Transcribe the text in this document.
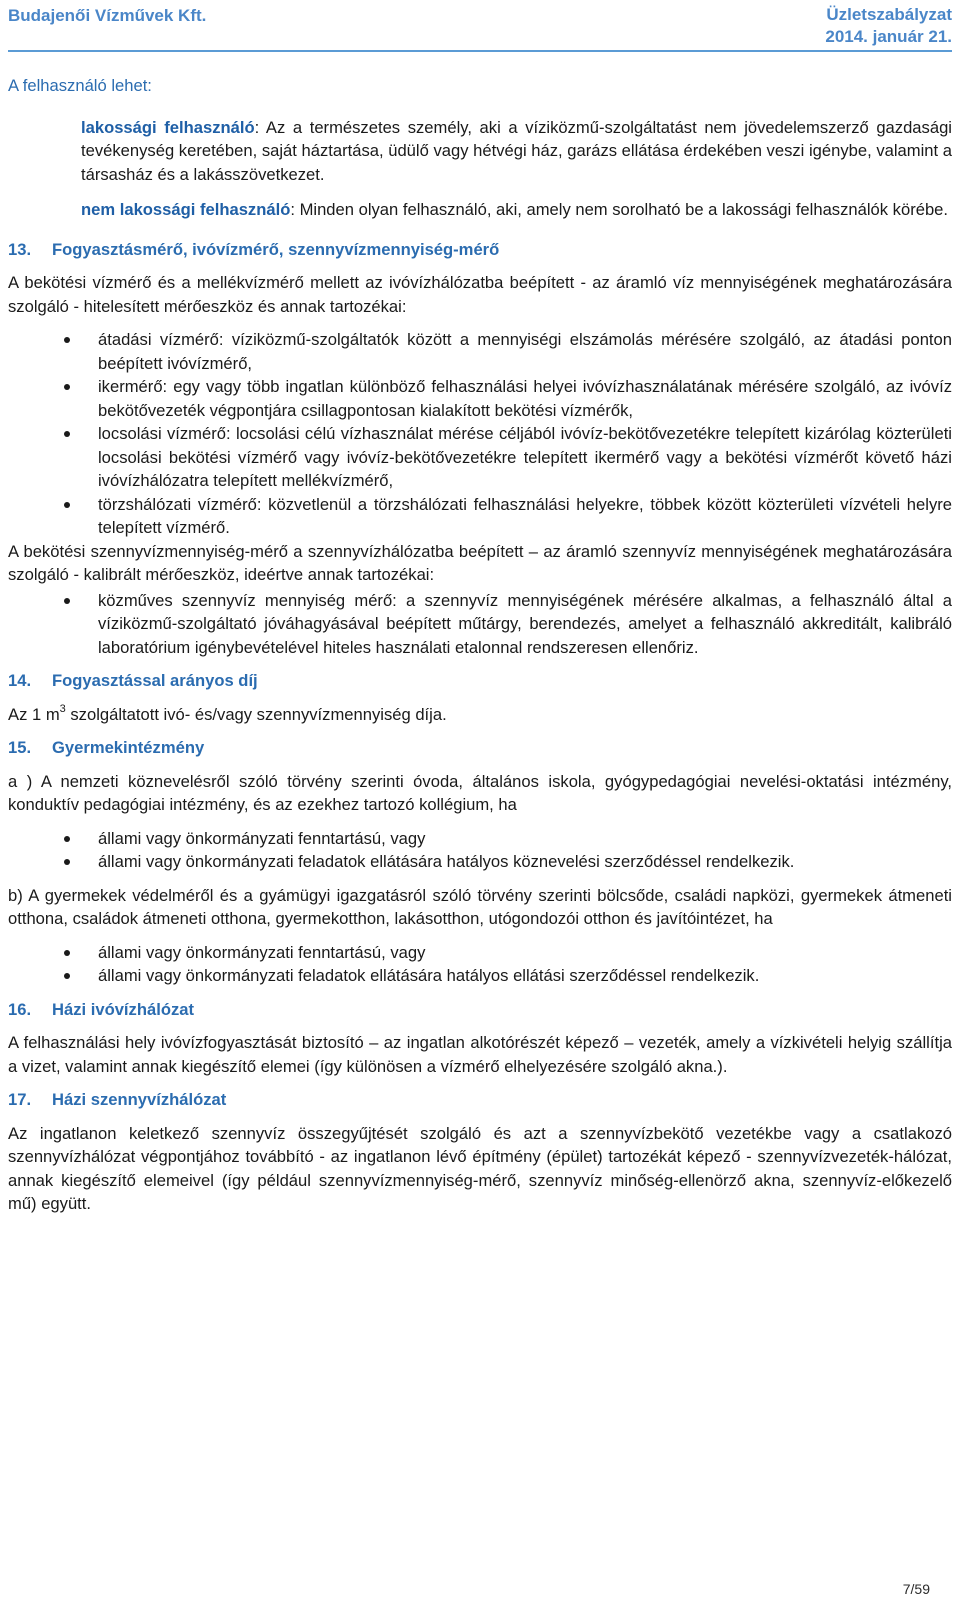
Budajenői Vízművek Kft.	Üzletszabályzat
2014. január 21.

A felhasználó lehet:

lakossági felhasználó: Az a természetes személy, aki a víziközmű-szolgáltatást nem jövedelemszerző gazdasági tevékenység keretében, saját háztartása, üdülő vagy hétvégi ház, garázs ellátása érdekében veszi igénybe, valamint a társasház és a lakásszövetkezet.

nem lakossági felhasználó: Minden olyan felhasználó, aki, amely nem sorolható be a lakossági felhasználók körébe.

13. Fogyasztásmérő, ivóvízmérő, szennyvízmennyiség-mérő

A bekötési vízmérő és a mellékvízmérő mellett az ivóvízhálózatba beépített - az áramló víz mennyiségének meghatározására szolgáló - hitelesített mérőeszköz és annak tartozékai:

átadási vízmérő: víziközmű-szolgáltatók között a mennyiségi elszámolás mérésére szolgáló, az átadási ponton beépített ivóvízmérő,
ikermérő: egy vagy több ingatlan különböző felhasználási helyei ivóvízhasználatának mérésére szolgáló, az ivóvíz bekötővezeték végpontjára csillagpontosan kialakított bekötési vízmérők,
locsolási vízmérő: locsolási célú vízhasználat mérése céljából ivóvíz-bekötővezetékre telepített kizárólag közterületi locsolási bekötési vízmérő vagy ivóvíz-bekötővezetékre telepített ikermérő vagy a bekötési vízmérőt követő házi ivóvízhálózatra telepített mellékvízmérő,
törzshálózati vízmérő: közvetlenül a törzshálózati felhasználási helyekre, többek között közterületi vízvételi helyre telepített vízmérő.

A bekötési szennyvízmennyiség-mérő a szennyvízhálózatba beépített – az áramló szennyvíz mennyiségének meghatározására szolgáló - kalibrált mérőeszköz, ideértve annak tartozékai:

közműves szennyvíz mennyiség mérő: a szennyvíz mennyiségének mérésére alkalmas, a felhasználó által a víziközmű-szolgáltató jóváhagyásával beépített műtárgy, berendezés, amelyet a felhasználó akkreditált, kalibráló laboratórium igénybevételével hiteles használati etalonnal rendszeresen ellenőriz.
14. Fogyasztással arányos díj

Az 1 $m^3$ szolgáltatott ivó- és/vagy szennyvízmennyiség díja.

15. Gyermekintézmény

a ) A nemzeti köznevelésről szóló törvény szerinti óvoda, általános iskola, gyógypedagógiai nevelési-oktatási intézmény, konduktív pedagógiai intézmény, és az ezekhez tartozó kollégium, ha

állami vagy önkormányzati fenntartású, vagy
állami vagy önkormányzati feladatok ellátására hatályos köznevelési szerződéssel rendelkezik.

b) A gyermekek védelméről és a gyámügyi igazgatásról szóló törvény szerinti bölcsőde, családi napközi, gyermekek átmeneti otthona, családok átmeneti otthona, gyermekotthon, lakásotthon, utógondozói otthon és javítóintézet, ha

állami vagy önkormányzati fenntartású, vagy
állami vagy önkormányzati feladatok ellátására hatályos ellátási szerződéssel rendelkezik.
16. Házi ivóvízhálózat

A felhasználási hely ivóvízfogyasztását biztosító – az ingatlan alkotórészét képező – vezeték, amely a vízkivételi helyig szállítja a vizet, valamint annak kiegészítő elemei (így különösen a vízmérő elhelyezésére szolgáló akna.).

17. Házi szennyvízhálózat

Az ingatlanon keletkező szennyvíz összegyűjtését szolgáló és azt a szennyvízbekötő vezetékbe vagy a csatlakozó szennyvízhálózat végpontjához továbbító - az ingatlanon lévő építmény (épület) tartozékát képező - szennyvízvezeték-hálózat, annak kiegészítő elemeivel (így például szennyvízmennyiség-mérő, szennyvíz minőség-ellenörző akna, szennyvíz-előkezelő mű) együtt.

7/59
